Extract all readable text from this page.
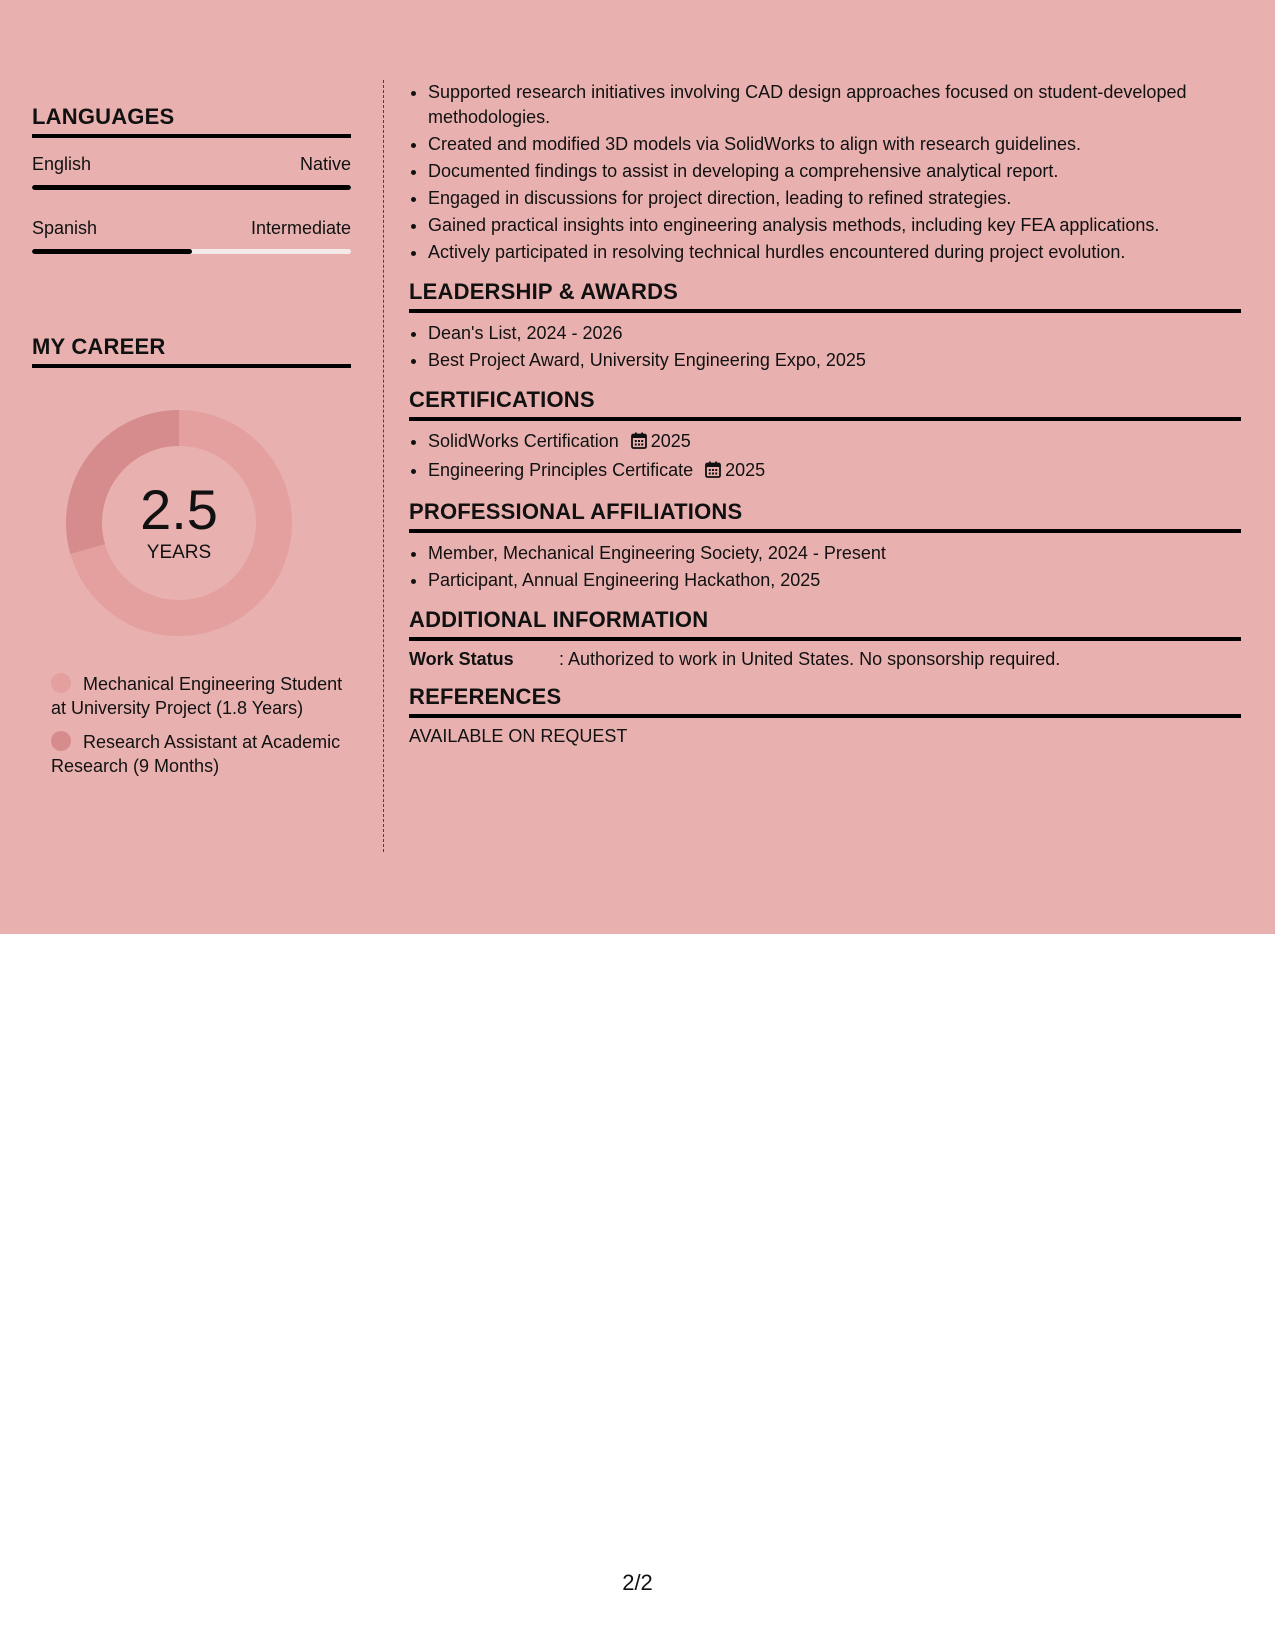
LANGUAGES
English	Native
Spanish	Intermediate
MY CAREER
2.5
YEARS
Mechanical Engineering Student at University Project (1.8 Years)
Research Assistant at Academic Research (9 Months)
• Supported research initiatives involving CAD design approaches focused on student-developed methodologies.
• Created and modified 3D models via SolidWorks to align with research guidelines.
• Documented findings to assist in developing a comprehensive analytical report.
• Engaged in discussions for project direction, leading to refined strategies.
• Gained practical insights into engineering analysis methods, including key FEA applications.
• Actively participated in resolving technical hurdles encountered during project evolution.
LEADERSHIP & AWARDS
• Dean's List, 2024 - 2026
• Best Project Award, University Engineering Expo, 2025
CERTIFICATIONS
• SolidWorks Certification 2025
• Engineering Principles Certificate 2025
PROFESSIONAL AFFILIATIONS
• Member, Mechanical Engineering Society, 2024 - Present
• Participant, Annual Engineering Hackathon, 2025
ADDITIONAL INFORMATION
Work Status	: Authorized to work in United States. No sponsorship required.
REFERENCES
AVAILABLE ON REQUEST
2/2
